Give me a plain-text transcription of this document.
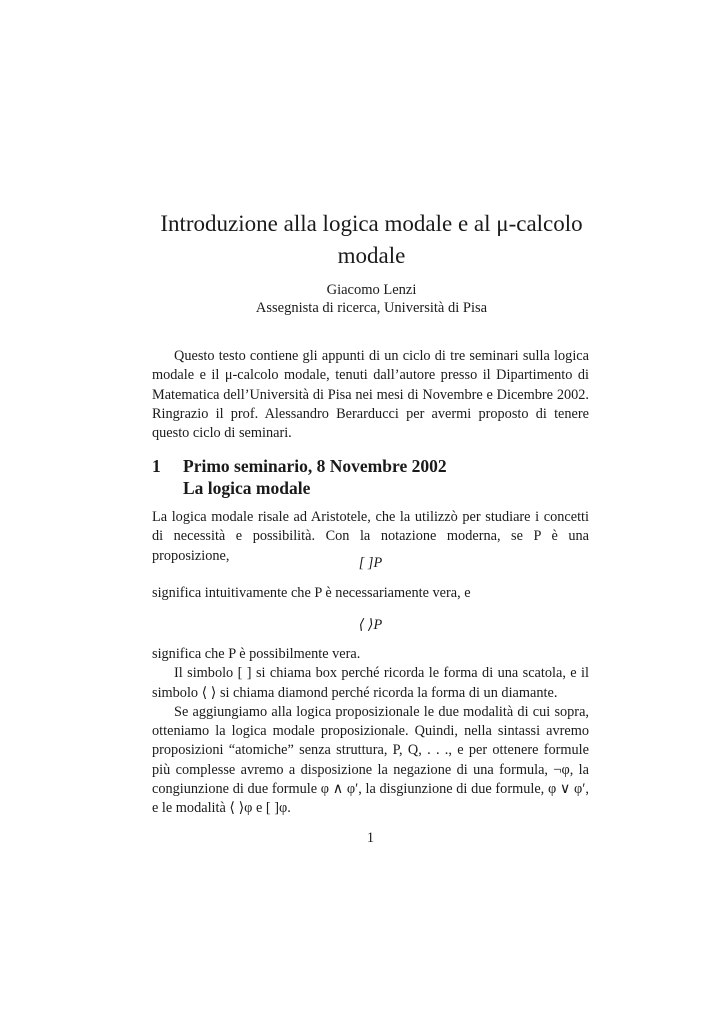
Introduzione alla logica modale e al μ-calcolo
modale

Giacomo Lenzi

Assegnista di ricerca, Università di Pisa

Questo testo contiene gli appunti di un ciclo di tre seminari sulla logica modale e il μ-calcolo modale, tenuti dall’autore presso il Dipartimento di Matematica dell’Università di Pisa nei mesi di Novembre e Dicembre 2002. Ringrazio il prof. Alessandro Berarducci per avermi proposto di tenere questo ciclo di seminari.

1 Primo seminario, 8 Novembre 2002
La logica modale

La logica modale risale ad Aristotele, che la utilizzò per studiare i concetti di necessità e possibilità. Con la notazione moderna, se P è una proposizione,	[ ]P

significa intuitivamente che P è necessariamente vera, e

⟨ ⟩P

significa che P è possibilmente vera.
Il simbolo [ ] si chiama box perché ricorda le forma di una scatola, e il simbolo ⟨ ⟩ si chiama diamond perché ricorda la forma di un diamante.
Se aggiungiamo alla logica proposizionale le due modalità di cui sopra, otteniamo la logica modale proposizionale. Quindi, nella sintassi avremo proposizioni “atomiche” senza struttura, P, Q, . . ., e per ottenere formule più complesse avremo a disposizione la negazione di una formula, ¬φ, la congiunzione di due formule φ ∧ φ′, la disgiunzione di due formule, φ ∨ φ′, e le modalità ⟨ ⟩φ e [ ]φ.
1
